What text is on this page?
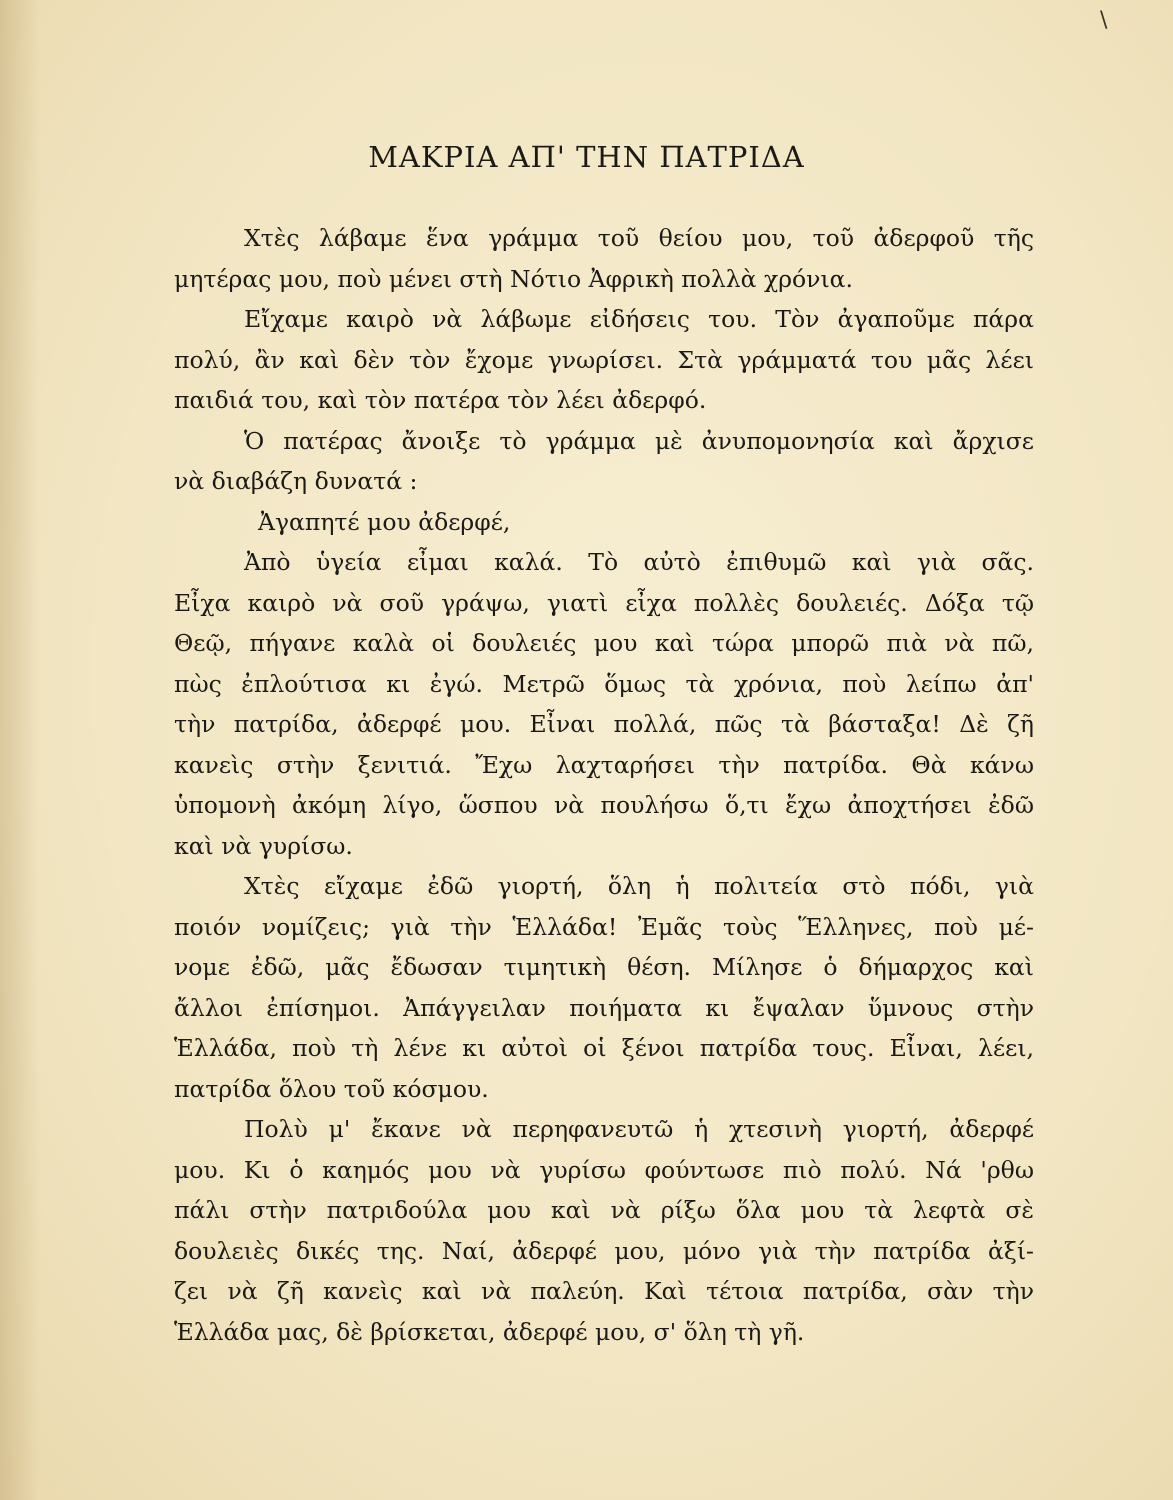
\
ΜΑΚΡΙΑ ΑΠ' ΤΗΝ ΠΑΤΡΙΔΑ
Χτὲς λάβαμε ἕνα γράμμα τοῦ θείου μου, τοῦ ἀδερφοῦ τῆς
μητέρας μου, ποὺ μένει στὴ Νότιο Ἀφρικὴ πολλὰ χρόνια.
Εἴχαμε καιρὸ νὰ λάβωμε εἰδήσεις του. Τὸν ἀγαποῦμε πάρα
πολύ, ἂν καὶ δὲν τὸν ἔχομε γνωρίσει. Στὰ γράμματά του μᾶς λέει
παιδιά του, καὶ τὸν πατέρα τὸν λέει ἀδερφό.
Ὁ πατέρας ἄνοιξε τὸ γράμμα μὲ ἀνυπομονησία καὶ ἄρχισε
νὰ διαβάζη δυνατά :
Ἀγαπητέ μου ἀδερφέ,
Ἀπὸ ὑγεία εἶμαι καλά. Τὸ αὐτὸ ἐπιθυμῶ καὶ γιὰ σᾶς.
Εἶχα καιρὸ νὰ σοῦ γράψω, γιατὶ εἶχα πολλὲς δουλειές. Δόξα τῷ
Θεῷ, πήγανε καλὰ οἱ δουλειές μου καὶ τώρα μπορῶ πιὰ νὰ πῶ,
πὼς ἐπλούτισα κι ἐγώ. Μετρῶ ὅμως τὰ χρόνια, ποὺ λείπω ἀπ'
τὴν πατρίδα, ἀδερφέ μου. Εἶναι πολλά, πῶς τὰ βάσταξα! Δὲ ζῆ
κανεὶς στὴν ξενιτιά. Ἔχω λαχταρήσει τὴν πατρίδα. Θὰ κάνω
ὑπομονὴ ἀκόμη λίγο, ὥσπου νὰ πουλήσω ὅ,τι ἔχω ἀποχτήσει ἐδῶ
καὶ νὰ γυρίσω.
Χτὲς εἴχαμε ἐδῶ γιορτή, ὅλη ἡ πολιτεία στὸ πόδι, γιὰ
ποιόν νομίζεις; γιὰ τὴν Ἑλλάδα! Ἐμᾶς τοὺς Ἕλληνες, ποὺ μέ-
νομε ἐδῶ, μᾶς ἔδωσαν τιμητικὴ θέση. Μίλησε ὁ δήμαρχος καὶ
ἄλλοι ἐπίσημοι. Ἀπάγγειλαν ποιήματα κι ἔψαλαν ὕμνους στὴν
Ἑλλάδα, ποὺ τὴ λένε κι αὐτοὶ οἱ ξένοι πατρίδα τους. Εἶναι, λέει,
πατρίδα ὅλου τοῦ κόσμου.
Πολὺ μ' ἔκανε νὰ περηφανευτῶ ἡ χτεσινὴ γιορτή, ἀδερφέ
μου. Κι ὁ καημός μου νὰ γυρίσω φούντωσε πιὸ πολύ. Νά 'ρθω
πάλι στὴν πατριδούλα μου καὶ νὰ ρίξω ὅλα μου τὰ λεφτὰ σὲ
δουλειὲς δικές της. Ναί, ἀδερφέ μου, μόνο γιὰ τὴν πατρίδα ἀξί-
ζει νὰ ζῆ κανεὶς καὶ νὰ παλεύη. Καὶ τέτοια πατρίδα, σὰν τὴν
Ἑλλάδα μας, δὲ βρίσκεται, ἀδερφέ μου, σ' ὅλη τὴ γῆ.
